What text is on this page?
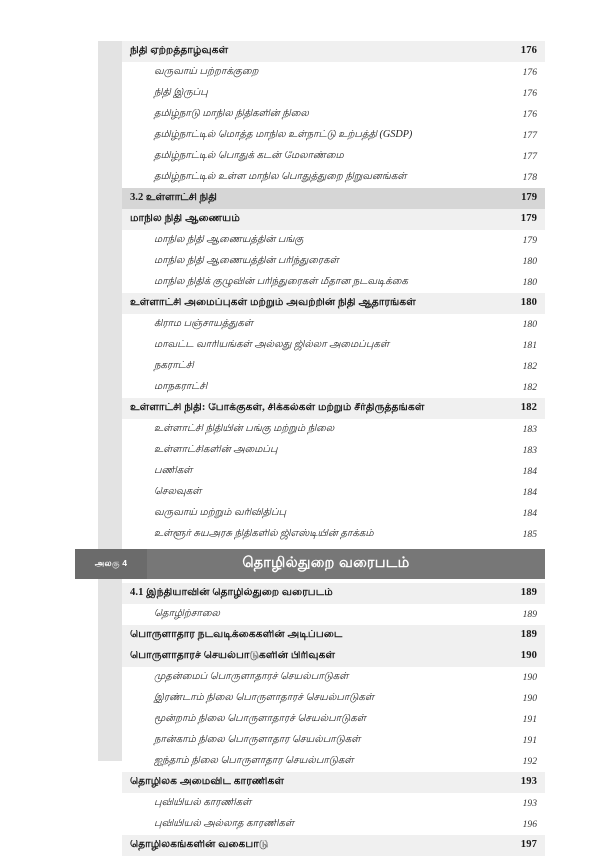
நிதி ஏற்றத்தாழ்வுகள்	176
வருவாய் பற்றாக்குறை	176
நிதி இருப்பு	176
தமிழ்நாடு மாநில நிதிகளின் நிலை	176
தமிழ்நாட்டில் மொத்த மாநில உள்நாட்டு உற்பத்தி (GSDP)	177
தமிழ்நாட்டில் பொதுக் கடன் மேலாண்மை	177
தமிழ்நாட்டில் உள்ள மாநில பொதுத்துறை நிறுவனங்கள்	178
3.2 உள்ளாட்சி நிதி	179
மாநில நிதி ஆணையம்	179
மாநில நிதி ஆணையத்தின் பங்கு	179
மாநில நிதி ஆணையத்தின் பரிந்துரைகள்	180
மாநில நிதிக் குழுவின் பரிந்துரைகள் மீதான நடவடிக்கை	180
உள்ளாட்சி அமைப்புகள் மற்றும் அவற்றின் நிதி ஆதாரங்கள்	180
கிராம பஞ்சாயத்துகள்	180
மாவட்ட வாரியங்கள் அல்லது ஜில்லா அமைப்புகள்	181
நகராட்சி	182
மாநகராட்சி	182
உள்ளாட்சி நிதி: போக்குகள், சிக்கல்கள் மற்றும் சீர்திருத்தங்கள்	182
உள்ளாட்சி நிதியின் பங்கு மற்றும் நிலை	183
உள்ளாட்சிகளின் அமைப்பு	183
பணிகள்	184
செலவுகள்	184
வருவாய் மற்றும் வரிவிதிப்பு	184
உள்ளூர் சுயஅரசு நிதிகளில் ஜிஎஸ்டியின் தாக்கம்	185
அலகு 4	தொழில்துறை வரைபடம்
4.1 இந்தியாவின் தொழில்துறை வரைபடம்	189
தொழிற்சாலை	189
பொருளாதார நடவடிக்கைகளின் அடிப்படை	189
பொருளாதாரச் செயல்பாடுகளின் பிரிவுகள்	190
முதன்மைப் பொருளாதாரச் செயல்பாடுகள்	190
இரண்டாம் நிலை பொருளாதாரச் செயல்பாடுகள்	190
மூன்றாம் நிலை பொருளாதாரச் செயல்பாடுகள்	191
நான்காம் நிலை பொருளாதார செயல்பாடுகள்	191
ஐந்தாம் நிலை பொருளாதார செயல்பாடுகள்	192
தொழிலக அமைவிட காரணிகள்	193
புவியியல் காரணிகள்	193
புவியியல் அல்லாத காரணிகள்	196
தொழிலகங்களின் வகைபாடு	197
